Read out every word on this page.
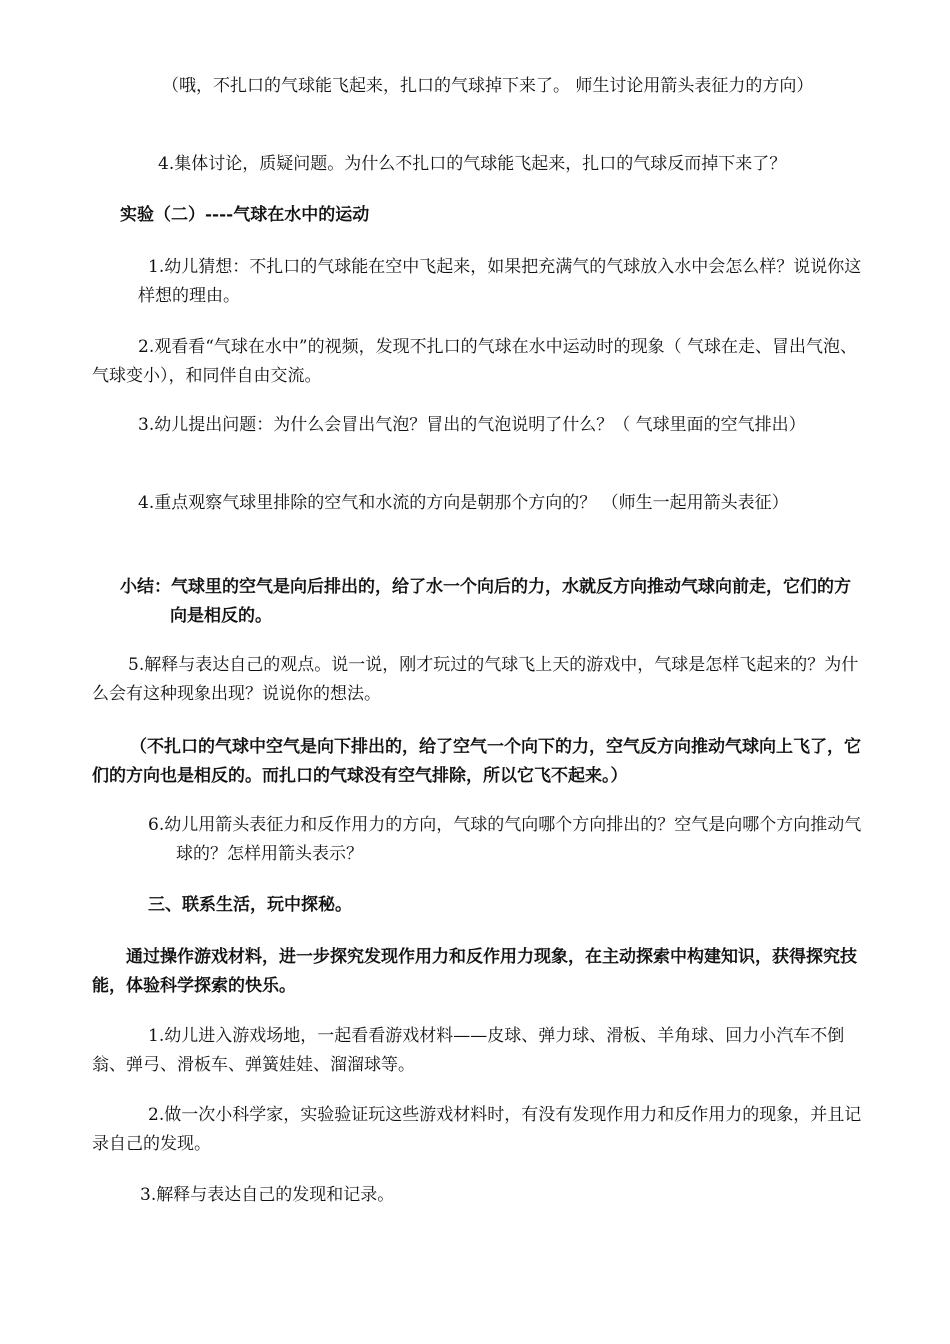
（哦，不扎口的气球能飞起来，扎口的气球掉下来了。 师生讨论用箭头表征力的方向）

4.集体讨论，质疑问题。为什么不扎口的气球能飞起来，扎口的气球反而掉下来了？

实验（二）----气球在水中的运动

1.幼儿猜想：不扎口的气球能在空中飞起来，如果把充满气的气球放入水中会怎么样？说说你这样想的理由。

2.观看看“气球在水中”的视频，发现不扎口的气球在水中运动时的现象（ 气球在走、冒出气泡、气球变小），和同伴自由交流。

3.幼儿提出问题：为什么会冒出气泡？冒出的气泡说明了什么？（ 气球里面的空气排出）

4.重点观察气球里排除的空气和水流的方向是朝那个方向的？ （师生一起用箭头表征）

小结：气球里的空气是向后排出的，给了水一个向后的力，水就反方向推动气球向前走，它们的方向是相反的。

5.解释与表达自己的观点。说一说，刚才玩过的气球飞上天的游戏中，气球是怎样飞起来的？为什么会有这种现象出现？说说你的想法。

（不扎口的气球中空气是向下排出的，给了空气一个向下的力，空气反方向推动气球向上飞了，它们的方向也是相反的。而扎口的气球没有空气排除，所以它飞不起来。）

6.幼儿用箭头表征力和反作用力的方向，气球的气向哪个方向排出的？空气是向哪个方向推动气球的？怎样用箭头表示？

三、联系生活，玩中探秘。

通过操作游戏材料，进一步探究发现作用力和反作用力现象，在主动探索中构建知识，获得探究技能，体验科学探索的快乐。

1.幼儿进入游戏场地，一起看看游戏材料——皮球、弹力球、滑板、羊角球、回力小汽车不倒翁、弹弓、滑板车、弹簧娃娃、溜溜球等。

2.做一次小科学家，实验验证玩这些游戏材料时，有没有发现作用力和反作用力的现象，并且记录自己的发现。

3.解释与表达自己的发现和记录。
